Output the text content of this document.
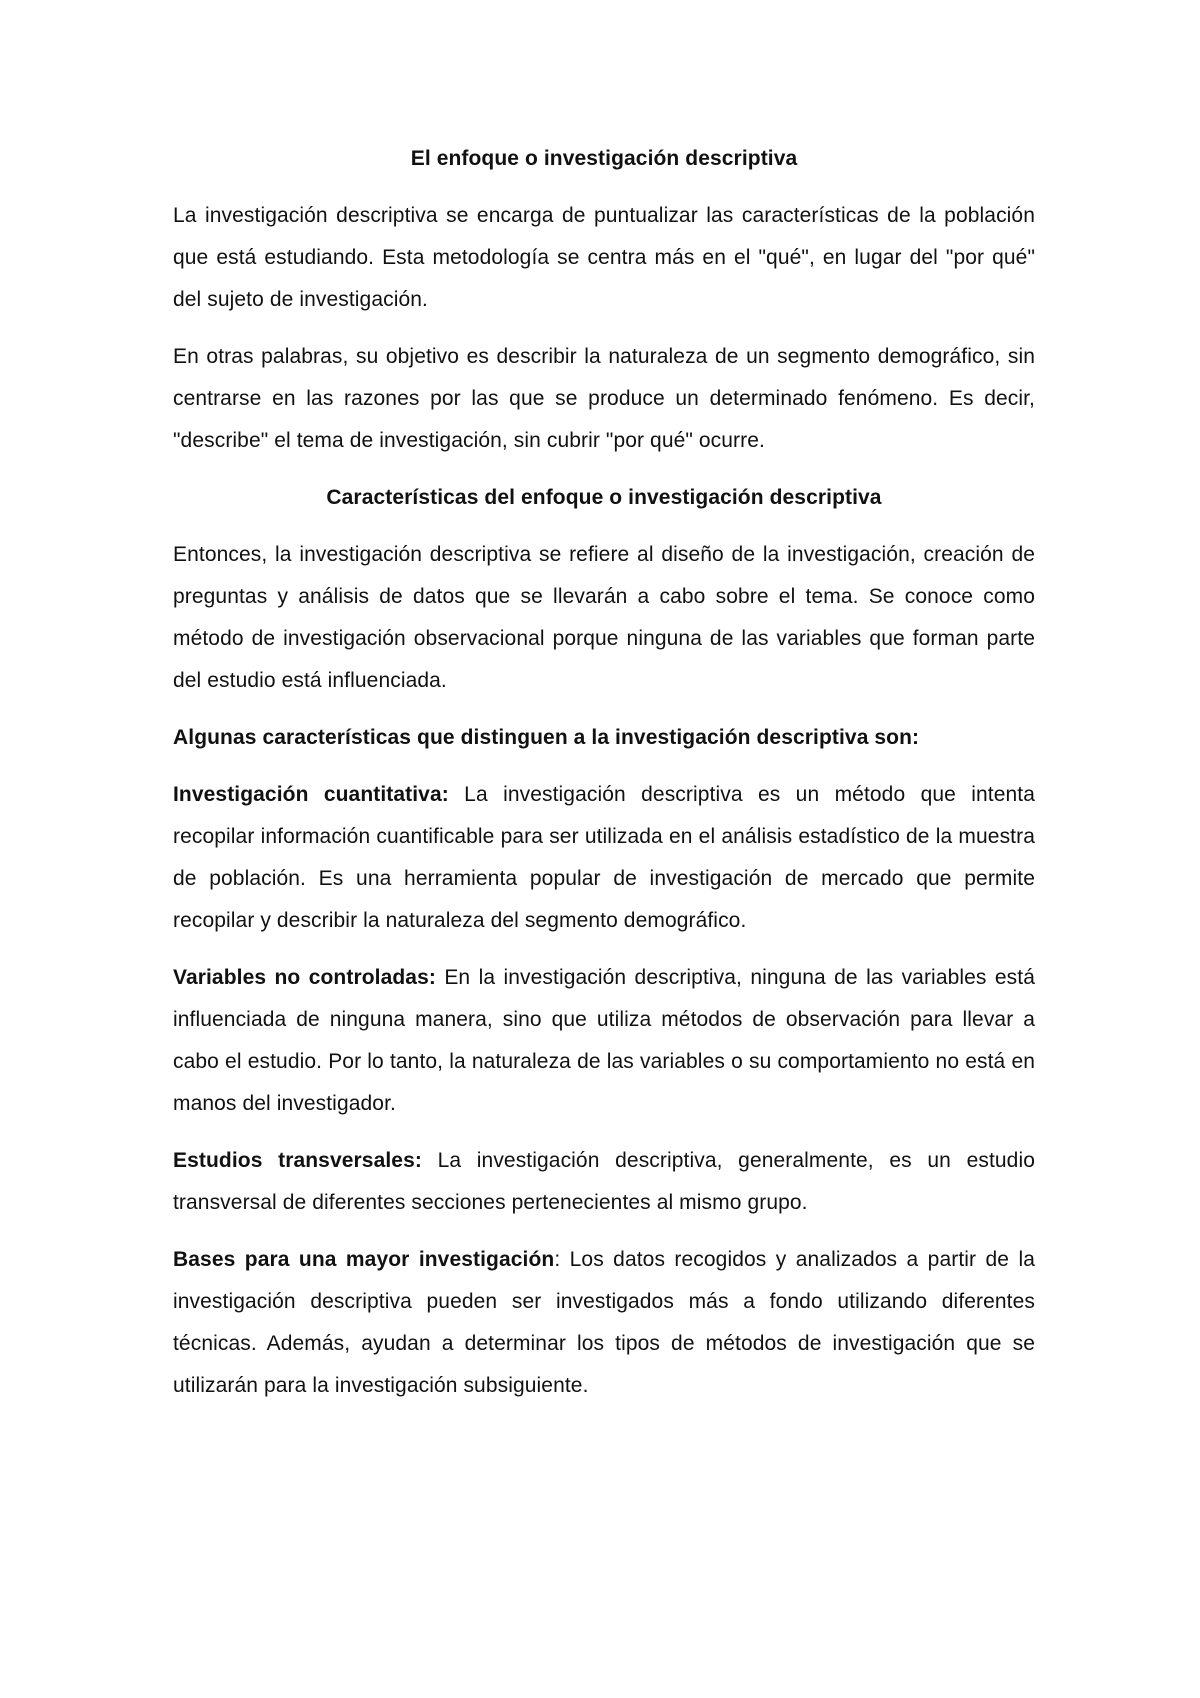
El enfoque o investigación descriptiva
La investigación descriptiva se encarga de puntualizar las características de la población que está estudiando. Esta metodología se centra más en el "qué", en lugar del "por qué" del sujeto de investigación.
En otras palabras, su objetivo es describir la naturaleza de un segmento demográfico, sin centrarse en las razones por las que se produce un determinado fenómeno. Es decir, "describe" el tema de investigación, sin cubrir "por qué" ocurre.
Características del enfoque o investigación descriptiva
Entonces, la investigación descriptiva se refiere al diseño de la investigación, creación de preguntas y análisis de datos que se llevarán a cabo sobre el tema. Se conoce como método de investigación observacional porque ninguna de las variables que forman parte del estudio está influenciada.
Algunas características que distinguen a la investigación descriptiva son:
Investigación cuantitativa: La investigación descriptiva es un método que intenta recopilar información cuantificable para ser utilizada en el análisis estadístico de la muestra de población. Es una herramienta popular de investigación de mercado que permite recopilar y describir la naturaleza del segmento demográfico.
Variables no controladas: En la investigación descriptiva, ninguna de las variables está influenciada de ninguna manera, sino que utiliza métodos de observación para llevar a cabo el estudio. Por lo tanto, la naturaleza de las variables o su comportamiento no está en manos del investigador.
Estudios transversales: La investigación descriptiva, generalmente, es un estudio transversal de diferentes secciones pertenecientes al mismo grupo.
Bases para una mayor investigación: Los datos recogidos y analizados a partir de la investigación descriptiva pueden ser investigados más a fondo utilizando diferentes técnicas. Además, ayudan a determinar los tipos de métodos de investigación que se utilizarán para la investigación subsiguiente.
